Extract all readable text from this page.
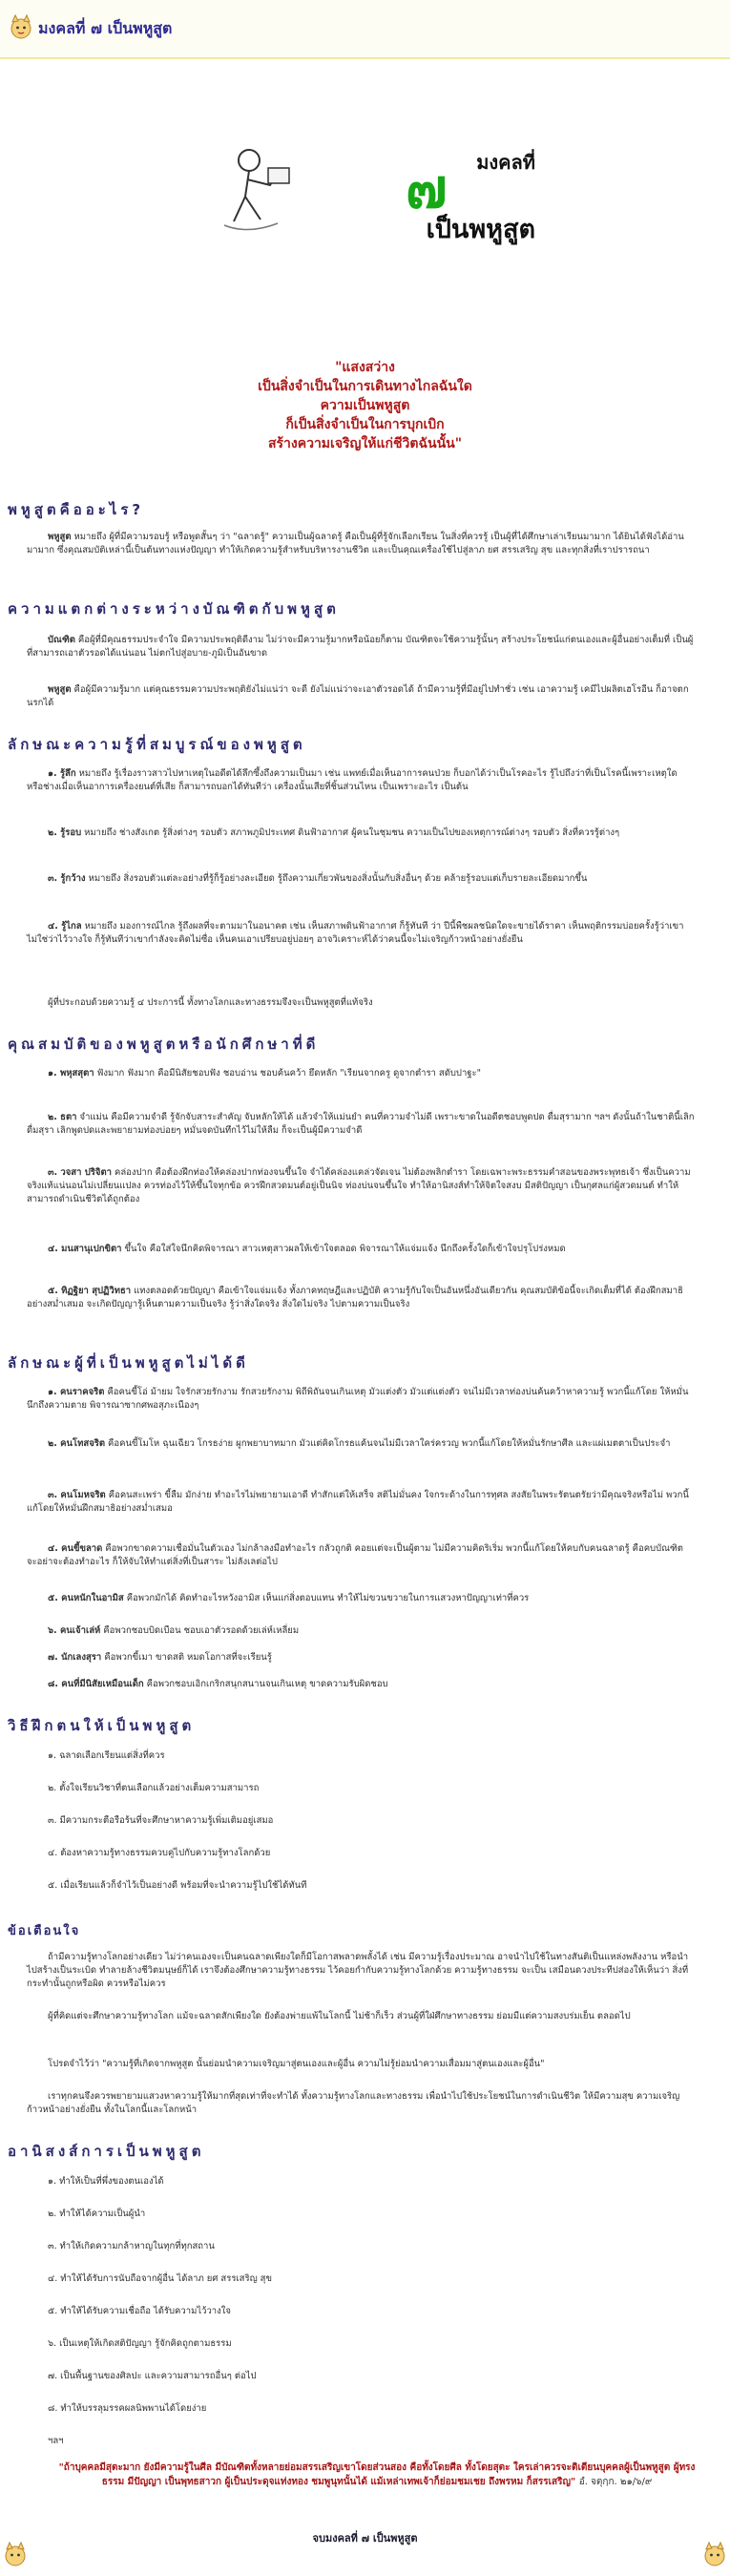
มงคลที่ ๗ เป็นพหูสูต
มงคลที่
๗
เป็นพหูสูต
"แสงสว่าง
เป็นสิ่งจำเป็นในการเดินทางไกลฉันใด
ความเป็นพหูสูต
ก็เป็นสิ่งจำเป็นในการบุกเบิก
สร้างความเจริญให้แก่ชีวิตฉันนั้น"
พหูสูตคืออะไร?
พหูสูต หมายถึง ผู้ที่มีความรอบรู้ หรือพูดสั้นๆ ว่า "ฉลาดรู้" ความเป็นผู้ฉลาดรู้ คือเป็นผู้ที่รู้จักเลือกเรียน ในสิ่งที่ควรรู้ เป็นผู้ที่ได้ศึกษาเล่าเรียนมามาก ได้ยินได้ฟังได้อ่านมามาก ซึ่งคุณสมบัติเหล่านี้เป็นต้นทางแห่งปัญญา ทำให้เกิดความรู้สำหรับบริหารงานชีวิต และเป็นคุณเครื่องใช้ไปสู่ลาภ ยศ สรรเสริญ สุข และทุกสิ่งที่เราปรารถนา
ความแตกต่างระหว่างบัณฑิตกับพหูสูต
บัณฑิต คือผู้ที่มีคุณธรรมประจำใจ มีความประพฤติดีงาม ไม่ว่าจะมีความรู้มากหรือน้อยก็ตาม บัณฑิตจะใช้ความรู้นั้นๆ สร้างประโยชน์แก่ตนเองและผู้อื่นอย่างเต็มที่ เป็นผู้ที่สามารถเอาตัวรอดได้แน่นอน ไม่ตกไปสู่อบาย-ภูมิเป็นอันขาด
พหูสูต คือผู้มีความรู้มาก แต่คุณธรรมความประพฤติยังไม่แน่ว่า จะดี ยังไม่แน่ว่าจะเอาตัวรอดได้ ถ้ามีความรู้ที่มีอยู่ไปทำชั่ว เช่น เอาความรู้ เคมีไปผลิตเฮโรอีน ก็อาจตกนรกได้
ลักษณะความรู้ที่สมบูรณ์ของพหูสูต
๑. รู้ลึก หมายถึง รู้เรื่องราวสาวไปหาเหตุในอดีตได้ลึกซึ้งถึงความเป็นมา เช่น แพทย์เมื่อเห็นอาการคนป่วย ก็บอกได้ว่าเป็นโรคอะไร รู้ไปถึงว่าที่เป็นโรคนี้เพราะเหตุใด หรือช่างเมื่อเห็นอาการเครื่องยนต์ที่เสีย ก็สามารถบอกได้ทันทีว่า เครื่องนั้นเสียที่ชิ้นส่วนไหน เป็นเพราะอะไร เป็นต้น
๒. รู้รอบ หมายถึง ช่างสังเกต รู้สิ่งต่างๆ รอบตัว สภาพภูมิประเทศ ดินฟ้าอากาศ ผู้คนในชุมชน ความเป็นไปของเหตุการณ์ต่างๆ รอบตัว สิ่งที่ควรรู้ต่างๆ
๓. รู้กว้าง หมายถึง สิ่งรอบตัวแต่ละอย่างที่รู้ก็รู้อย่างละเอียด รู้ถึงความเกี่ยวพันของสิ่งนั้นกับสิ่งอื่นๆ ด้วย คล้ายรู้รอบแต่เก็บรายละเอียดมากขึ้น
๔. รู้ไกล หมายถึง มองการณ์ไกล รู้ถึงผลที่จะตามมาในอนาคต เช่น เห็นสภาพดินฟ้าอากาศ ก็รู้ทันที ว่า ปีนี้พืชผลชนิดใดจะขายได้ราคา เห็นพฤติกรรมบ่อยครั้งรู้ว่าเขาไม่ใช่ว่าไว้วางใจ ก็รู้ทันทีว่าเขากำลังจะคิดไม่ซื่อ เห็นคนเอาเปรียบอยู่บ่อยๆ อาจวิเคราะห์ได้ว่าคนนี้จะไม่เจริญก้าวหน้าอย่างยั่งยืน
ผู้ที่ประกอบด้วยความรู้ ๔ ประการนี้ ทั้งทางโลกและทางธรรมจึงจะเป็นพหูสูตที่แท้จริง
คุณสมบัติของพหูสูตหรือนักศึกษาที่ดี
๑. พหุสสุตา ฟังมาก ฟังมาก คือมีนิสัยชอบฟัง ชอบอ่าน ชอบค้นคว้า ยึดหลัก "เรียนจากครู ดูจากตำรา สดับปาฐะ"
๒. ธตา จำแม่น คือมีความจำดี รู้จักจับสาระสำคัญ จับหลักให้ได้ แล้วจำให้แม่นยำ คนที่ความจำไม่ดี เพราะขาดในอดีตชอบพูดปด ดื่มสุรามาก ฯลฯ ดังนั้นถ้าในชาตินี้เลิกดื่มสุรา เลิกพูดปดและพยายามท่องบ่อยๆ หมั่นจดบันทึกไว้ไม่ให้ลืม ก็จะเป็นผู้มีความจำดี
๓. วจสา ปริจิตา คล่องปาก คือต้องฝึกท่องให้คล่องปากท่องจนขึ้นใจ จำได้คล่องแคล่วจัดเจน ไม่ต้องพลิกตำรา โดยเฉพาะพระธรรมคำสอนของพระพุทธเจ้า ซึ่งเป็นความจริงแท้แน่นอนไม่เปลี่ยนแปลง ควรท่องไว้ให้ขึ้นใจทุกข้อ ควรฝึกสวดมนต์อยู่เป็นนิจ ท่องบ่นจนขึ้นใจ ทำให้อานิสงส์ทำให้จิตใจสงบ มีสติปัญญา เป็นกุศลแก่ผู้สวดมนต์ ทำให้สามารถดำเนินชีวิตได้ถูกต้อง
๔. มนสานุเปกขิตา ขึ้นใจ คือใส่ใจนึกคิดพิจารณา สาวเหตุสาวผลให้เข้าใจตลอด พิจารณาให้แจ่มแจ้ง นึกถึงครั้งใดก็เข้าใจปรุโปร่งหมด
๕. ทิฏฐิยา สุปฏิวิทธา แทงตลอดด้วยปัญญา คือเข้าใจแจ่มแจ้ง ทั้งภาคทฤษฎีและปฏิบัติ ความรู้กับใจเป็นอันหนึ่งอันเดียวกัน คุณสมบัติข้อนี้จะเกิดเต็มที่ได้ ต้องฝึกสมาธิอย่างสม่ำเสมอ จะเกิดปัญญารู้เห็นตามความเป็นจริง รู้ว่าสิ่งใดจริง สิ่งใดไม่จริง ไปตามความเป็นจริง
ลักษณะผู้ที่เป็นพหูสูตไม่ได้ดี
๑. คนราคจริต คือคนขี้โอ่ ม้ายม ใจรักสวยรักงาม รักสวยรักงาม พิถีพิถันจนเกินเหตุ มัวแต่งตัว มัวแต่แต่งตัว จนไม่มีเวลาท่องบ่นค้นคว้าหาความรู้ พวกนี้แก้โดย ให้หมั่นนึกถึงความตาย พิจารณาซากศพอสุภะเนืองๆ
๒. คนโทสจริต คือคนขี้โมโห ฉุนเฉียว โกรธง่าย ผูกพยาบาทมาก มัวแต่คิดโกรธแค้นจนไม่มีเวลาใคร่ครวญ พวกนี้แก้โดยให้หมั่นรักษาศีล และแผ่เมตตาเป็นประจำ
๓. คนโมหจริต คือคนสะเพร่า ขี้ลืม มักง่าย ทำอะไรไม่พยายามเอาดี ทำสักแต่ให้เสร็จ สติไม่มั่นคง ใจกระด้างในการทุศล สงสัยในพระรัตนตรัยว่ามีคุณจริงหรือไม่ พวกนี้แก้โดยให้หมั่นฝึกสมาธิอย่างสม่ำเสมอ
๔. คนขี้ขลาด คือพวกขาดความเชื่อมั่นในตัวเอง ไม่กล้าลงมือทำอะไร กลัวถูกติ คอยแต่จะเป็นผู้ตาม ไม่มีความคิดริเริ่ม พวกนี้แก้โดยให้คบกับคนฉลาดรู้ คือคบบัณฑิต จะอย่าจะต้องทำอะไร ก็ให้จับให้ทำแต่สิ่งที่เป็นสาระ ไม่ลังเลต่อไป
๕. คนหนักในอามิส คือพวกมักได้ คิดทำอะไรหวังอามิส เห็นแก่สิ่งตอบแทน ทำให้ไม่ขวนขวายในการแสวงหาปัญญาเท่าที่ควร
๖. คนเจ้าเล่ห์ คือพวกชอบบิดเบือน ชอบเอาตัวรอดด้วยเล่ห์เหลี่ยม
๗. นักเลงสุรา คือพวกขี้เมา ขาดสติ หมดโอกาสที่จะเรียนรู้
๘. คนที่มีนิสัยเหมือนเด็ก คือพวกชอบเอิกเกริกสนุกสนานจนเกินเหตุ ขาดความรับผิดชอบ
วิธีฝึกตนให้เป็นพหูสูต
๑. ฉลาดเลือกเรียนแต่สิ่งที่ควร
๒. ตั้งใจเรียนวิชาที่ตนเลือกแล้วอย่างเต็มความสามารถ
๓. มีความกระตือรือร้นที่จะศึกษาหาความรู้เพิ่มเติมอยู่เสมอ
๔. ต้องหาความรู้ทางธรรมควบคู่ไปกับความรู้ทางโลกด้วย
๕. เมื่อเรียนแล้วก็จำไว้เป็นอย่างดี พร้อมที่จะนำความรู้ไปใช้ได้ทันที
ข้อเตือนใจ
ถ้ามีความรู้ทางโลกอย่างเดียว ไม่ว่าคนเองจะเป็นคนฉลาดเพียงใดก็มีโอกาสพลาดพลั้งได้ เช่น มีความรู้เรื่องประมาณ อาจนำไปใช้ในทางสันติเป็นแหล่งพลังงาน หรือนำไปสร้างเป็นระเบิด ทำลายล้างชีวิตมนุษย์ก็ได้ เราจึงต้องศึกษาความรู้ทางธรรม ไว้คอยกำกับความรู้ทางโลกด้วย ความรู้ทางธรรม จะเป็น เสมือนดวงประทีปส่องให้เห็นว่า สิ่งที่กระทำนั้นถูกหรือผิด ควรหรือไม่ควร
ผู้ที่คิดแต่จะศึกษาความรู้ทางโลก แม้จะฉลาดสักเพียงใด ยังต้องพ่ายแพ้ในโลกนี้ ไม่ช้าก็เร็ว ส่วนผู้ที่ใฝ่ศึกษาทางธรรม ย่อมมีแต่ความสงบร่มเย็น ตลอดไป
โปรดจำไว้ว่า "ความรู้ที่เกิดจากพหูสูต นั้นย่อมนำความเจริญมาสู่ตนเองและผู้อื่น ความไม่รู้ย่อมนำความเสื่อมมาสู่ตนเองและผู้อื่น"
เราทุกคนจึงควรพยายามแสวงหาความรู้ให้มากที่สุดเท่าที่จะทำได้ ทั้งความรู้ทางโลกและทางธรรม เพื่อนำไปใช้ประโยชน์ในการดำเนินชีวิต ให้มีความสุข ความเจริญ ก้าวหน้าอย่างยั่งยืน ทั้งในโลกนี้และโลกหน้า
อานิสงส์การเป็นพหูสูต
๑. ทำให้เป็นที่พึ่งของตนเองได้
๒. ทำให้ได้ความเป็นผู้นำ
๓. ทำให้เกิดความกล้าหาญในทุกที่ทุกสถาน
๔. ทำให้ได้รับการนับถือจากผู้อื่น ได้ลาภ ยศ สรรเสริญ สุข
๕. ทำให้ได้รับความเชื่อถือ ได้รับความไว้วางใจ
๖. เป็นเหตุให้เกิดสติปัญญา รู้จักคิดถูกตามธรรม
๗. เป็นพื้นฐานของศิลปะ และความสามารถอื่นๆ ต่อไป
๘. ทำให้บรรลุมรรคผลนิพพานได้โดยง่าย
ฯลฯ
"ถ้าบุคคลมีสุตะมาก ยังมีความรู้ในศีล มีบัณฑิตทั้งหลายย่อมสรรเสริญเขาโดยส่วนสอง คือทั้งโดยศีล ทั้งโดยสุตะ ใครเล่าควรจะติเตียนบุคคลผู้เป็นพหูสูต ผู้ทรงธรรม มีปัญญา เป็นพุทธสาวก ผู้เป็นประดุจแท่งทอง ชมพูนุทนั้นได้ แม้เหล่าเทพเจ้าก็ย่อมชมเชย ถึงพรหม ก็สรรเสริญ" อํ. จตุกฺก. ๒๑/๖/๙
จบมงคลที่ ๗ เป็นพหูสูต
